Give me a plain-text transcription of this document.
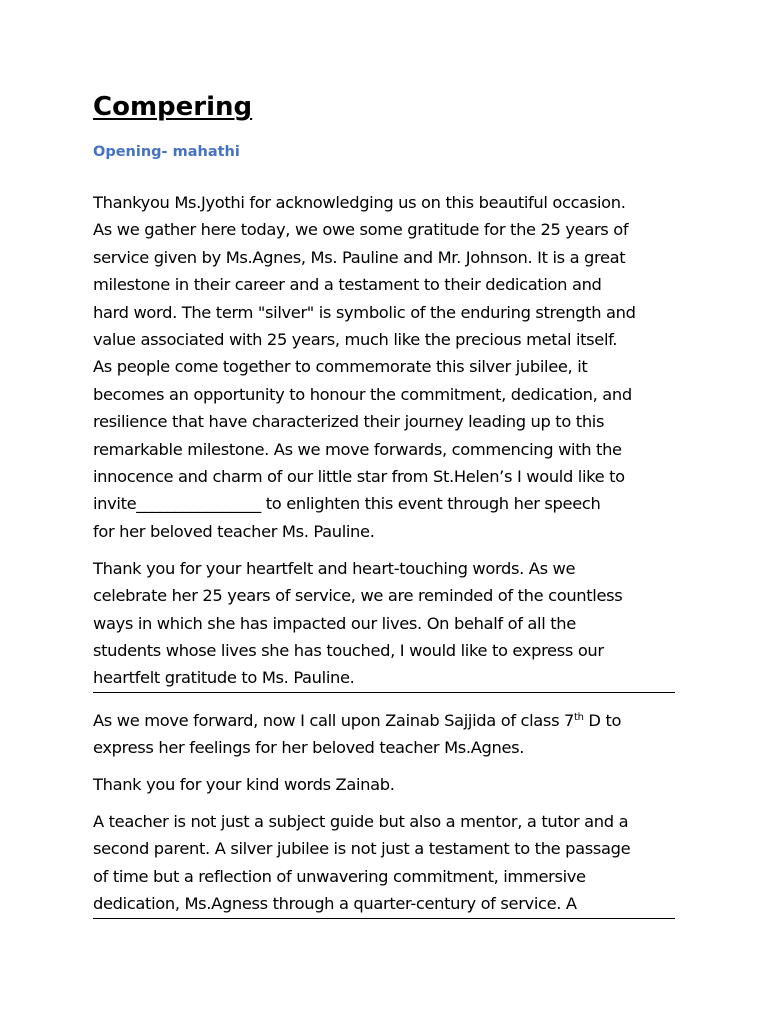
Compering
Opening- mahathi

Thankyou Ms.Jyothi for acknowledging us on this beautiful occasion.
As we gather here today, we owe some gratitude for the 25 years of
service given by Ms.Agnes, Ms. Pauline and Mr. Johnson. It is a great
milestone in their career and a testament to their dedication and
hard word. The term "silver" is symbolic of the enduring strength and
value associated with 25 years, much like the precious metal itself.
As people come together to commemorate this silver jubilee, it
becomes an opportunity to honour the commitment, dedication, and
resilience that have characterized their journey leading up to this
remarkable milestone. As we move forwards, commencing with the
innocence and charm of our little star from St.Helen’s I would like to
invite________________ to enlighten this event through her speech
for her beloved teacher Ms. Pauline.

Thank you for your heartfelt and heart-touching words. As we
celebrate her 25 years of service, we are reminded of the countless
ways in which she has impacted our lives. On behalf of all the
students whose lives she has touched, I would like to express our
heartfelt gratitude to Ms. Pauline.

As we move forward, now I call upon Zainab Sajjida of class 7th D to
express her feelings for her beloved teacher Ms.Agnes.

Thank you for your kind words Zainab.

A teacher is not just a subject guide but also a mentor, a tutor and a
second parent. A silver jubilee is not just a testament to the passage
of time but a reflection of unwavering commitment, immersive
dedication, Ms.Agness through a quarter-century of service. A
